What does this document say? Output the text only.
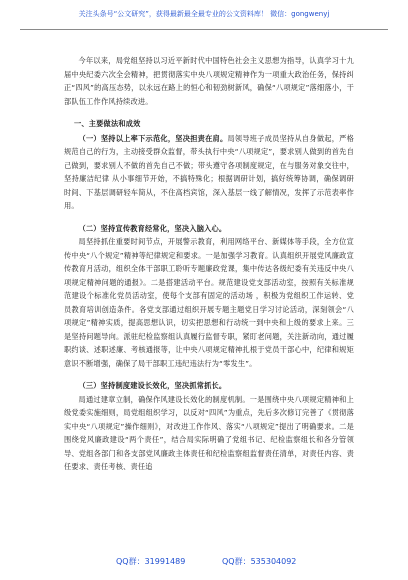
关注头条号“公文研究”，获得最新最全最专业的公文资料库！ 微信：gongwenyj

今年以来，局党组坚持以习近平新时代中国特色社会主义思想为指导，认真学习十九届中央纪委六次全会精神，把贯彻落实中央八项规定精神作为一项重大政治任务，保持纠正“四风”的高压态势，以永远在路上的恒心和韧劲树新风，确保“八项规定”落细落小，干部队伍工作作风持续改进。

一、主要做法和成效

（一）坚持以上率下示范化，坚决担责在肩。局领导班子成员坚持从自身做起，严格规范自己的行为，主动接受群众监督，带头执行中央“八项规定”，要求别人做到的首先自己做到，要求别人不做的首先自己不做；带头遵守各项制度规定，在与服务对象交往中，坚持廉洁纪律 从小事细节开始，不搞特殊化；根据调研计划，搞好统筹协调，确保调研时间、下基层调研轻车简从，不住高档宾馆，深入基层一线了解情况，发挥了示范表率作用。

（二）坚持宣传教育经常化，坚决入脑入心。

局坚持抓住重要时间节点，开展警示教育，利用网络平台、新媒体等手段，全方位宣传中央“八个规定”精神等纪律规定和要求。一是加强学习教育。认真组织开展党风廉政宣传教育月活动，组织全体干部职工聆听专题廉政党课，集中传达各级纪委有关违反中央八项规定精神问题的通报》。二是搭建活动平台。规范建设党支部活动室，按照有关标准规范建设个标准化党员活动室，使每个支部有固定的活动场 ，积极为党组织工作运转、党员教育培训创造条件。各党支部通过组织开展专题主题党日学习讨论活动，深刻领会“八项规定”精神实质，提高思想认识，切实把思想和行动统一到中央和上级的要求上来。三是坚持问题导向。派驻纪检监察组认真履行监督专职，紧盯老问题，关注新动向，通过履职约谈、述职述廉、考核通报等，让中央八项规定精神扎根于党员干部心中，纪律和规矩意识不断增强，确保了局干部职工违纪违法行为“零发生”。

（三）坚持制度建设长效化，坚决抓常抓长。

局通过建章立制，确保作风建设长效化的制度机制。一是围绕中央八项规定精神和上级党委实施细则，局党组组织学习，以反对“四风”为重点，先后多次修订完善了《贯彻落实中央“八项规定”操作细则》，对改进工作作风、落实“八项规定”提出了明确要求。二是围绕党风廉政建设“两个责任”，结合局实际明确了党组书记、纪检监察组长和各分管领导、党组各部门和各支部党风廉政主体责任和纪检监察组监督责任清单，对责任内容、责任要求、责任考核、责任追

QQ群：31991489	QQ群：535304092
